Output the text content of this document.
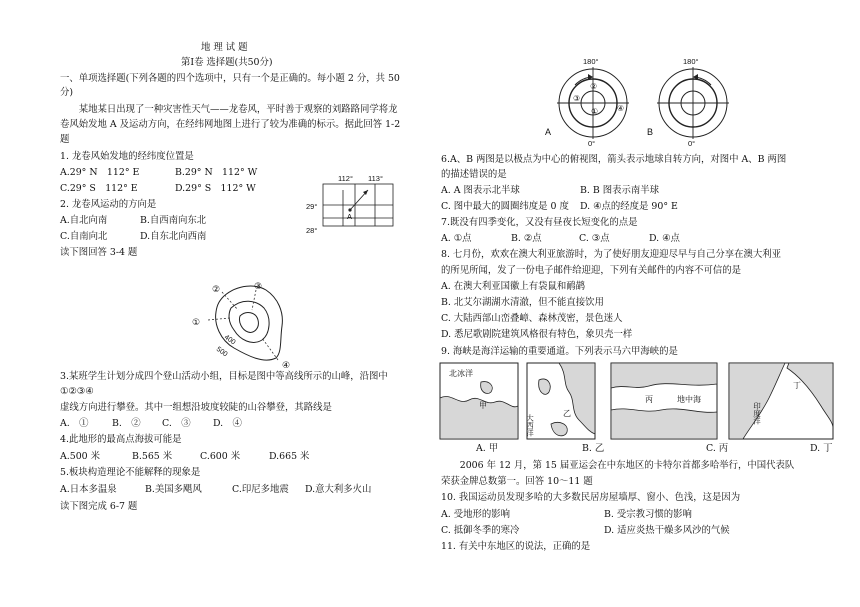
地 理 试 题
第Ⅰ卷 选择题(共50分)
一、单项选择题(下列各题的四个选项中，只有一个是正确的。每小题 2 分，共 50
分)
　　某地某日出现了一种灾害性天气——龙卷风，平时善于观察的刘路路同学将龙
卷风始发地 A 及运动方向，在经纬网地图上进行了较为准确的标示。据此回答 1-2
题
1. 龙卷风始发地的经纬度位置是
A.29° N　112° E	B.29° N　112° W
C.29° S　112° E	D.29° S　112° W
2. 龙卷风运动的方向是
A.自北向南	B.自西南向东北
C.自南向北	D.自东北向西南
读下图回答 3-4 题
3.某班学生计划分成四个登山活动小组，目标是图中等高线所示的山峰，沿图中
①②③④
虚线方向进行攀登。其中一组想沿坡度较陡的山谷攀登，其路线是
A.　① B.　② C.　③ D.　④
4.此地形的最高点海拔可能是
A.500 米	B.565 米	C.600 米	D.665 米
5.板块构造理论不能解释的现象是
A.日本多温泉	B.美国多飓风	C.印尼多地震 D.意大利多火山
读下图完成 6-7 题
112° 113°
29°
28°
A
①
②	③
④
400
500
180°
0°
A
②
①
③
④
180°
0°
B
6.A、B 两图是以极点为中心的俯视图，箭头表示地球自转方向，对图中 A、B 两图
的描述错误的是
A. A 图表示北半球	B. B 图表示南半球
C. 图中最大的圆圈纬度是 0 度 D. ④点的经度是 90° E
7.既没有四季变化，又没有昼夜长短变化的点是
A. ①点	B. ②点	C. ③点	D. ④点
8. 七月份，欢欢在澳大利亚旅游时，为了使好朋友迎迎尽早与自己分享在澳大利亚
的所见所闻，发了一份电子邮件给迎迎，下列有关邮件的内容不可信的是
A. 在澳大利亚国徽上有袋鼠和鸸鹋
B. 北艾尔湖湖水清澈，但不能直接饮用
C. 大陆西部山峦叠嶂、森林茂密，景色迷人
D. 悉尼歌剧院建筑风格很有特色，象贝壳一样
9. 海峡是海洋运输的重要通道。下列表示马六甲海峡的是
北冰洋
甲
大西洋
乙
丙	地中海
丁
印度洋
A. 甲	B. 乙	C. 丙	D. 丁
　　2006 年 12 月，第 15 届亚运会在中东地区的卡特尔首都多哈举行，中国代表队
荣获金牌总数第一。回答 10～11 题
10. 我国运动员发现多哈的大多数民居房屋墙厚、窗小、色浅，这是因为
A. 受地形的影响	B. 受宗教习惯的影响
C. 抵御冬季的寒冷	D. 适应炎热干燥多风沙的气候
11. 有关中东地区的说法，正确的是
